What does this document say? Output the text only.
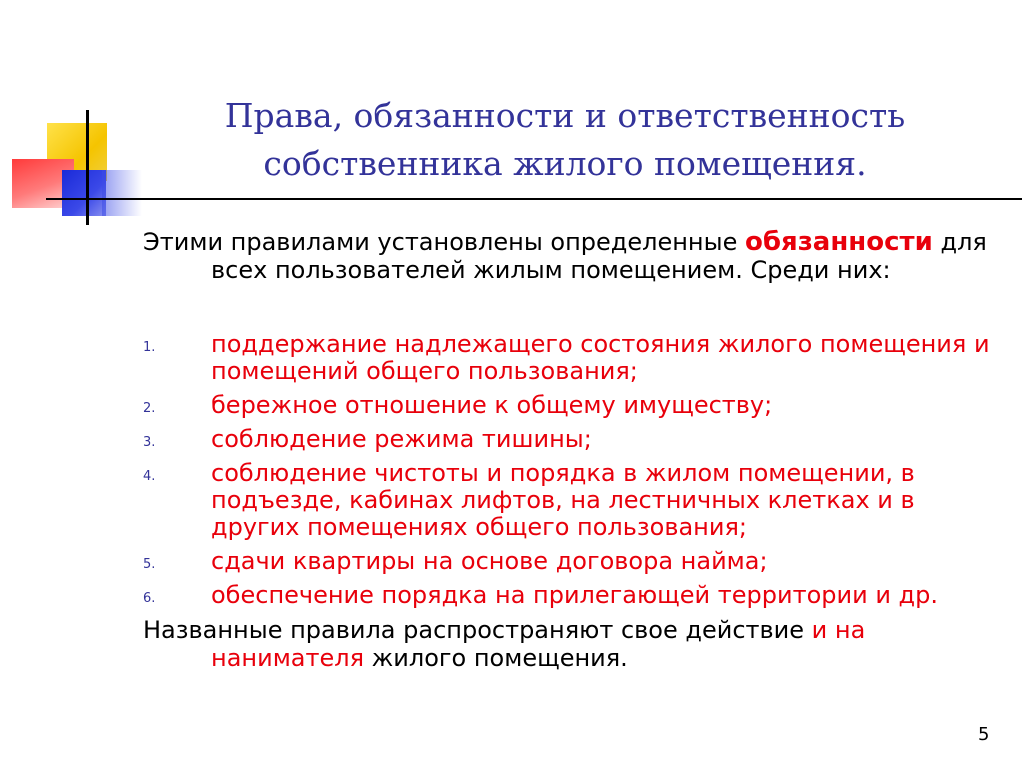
Права, обязанности и ответственность
собственника жилого помещения.

Этими правилами установлены определенные обязанности для всех пользователей жилым помещением. Среди них:

1. поддержание надлежащего состояния жилого помещения и помещений общего пользования;
2. бережное отношение к общему имуществу;
3. соблюдение режима тишины;
4. соблюдение чистоты и порядка в жилом помещении, в подъезде, кабинах лифтов, на лестничных клетках и в других помещениях общего пользования;
5. сдачи квартиры на основе договора найма;
6. обеспечение порядка на прилегающей территории и др.

Названные правила распространяют свое действие и на нанимателя жилого помещения.

5
